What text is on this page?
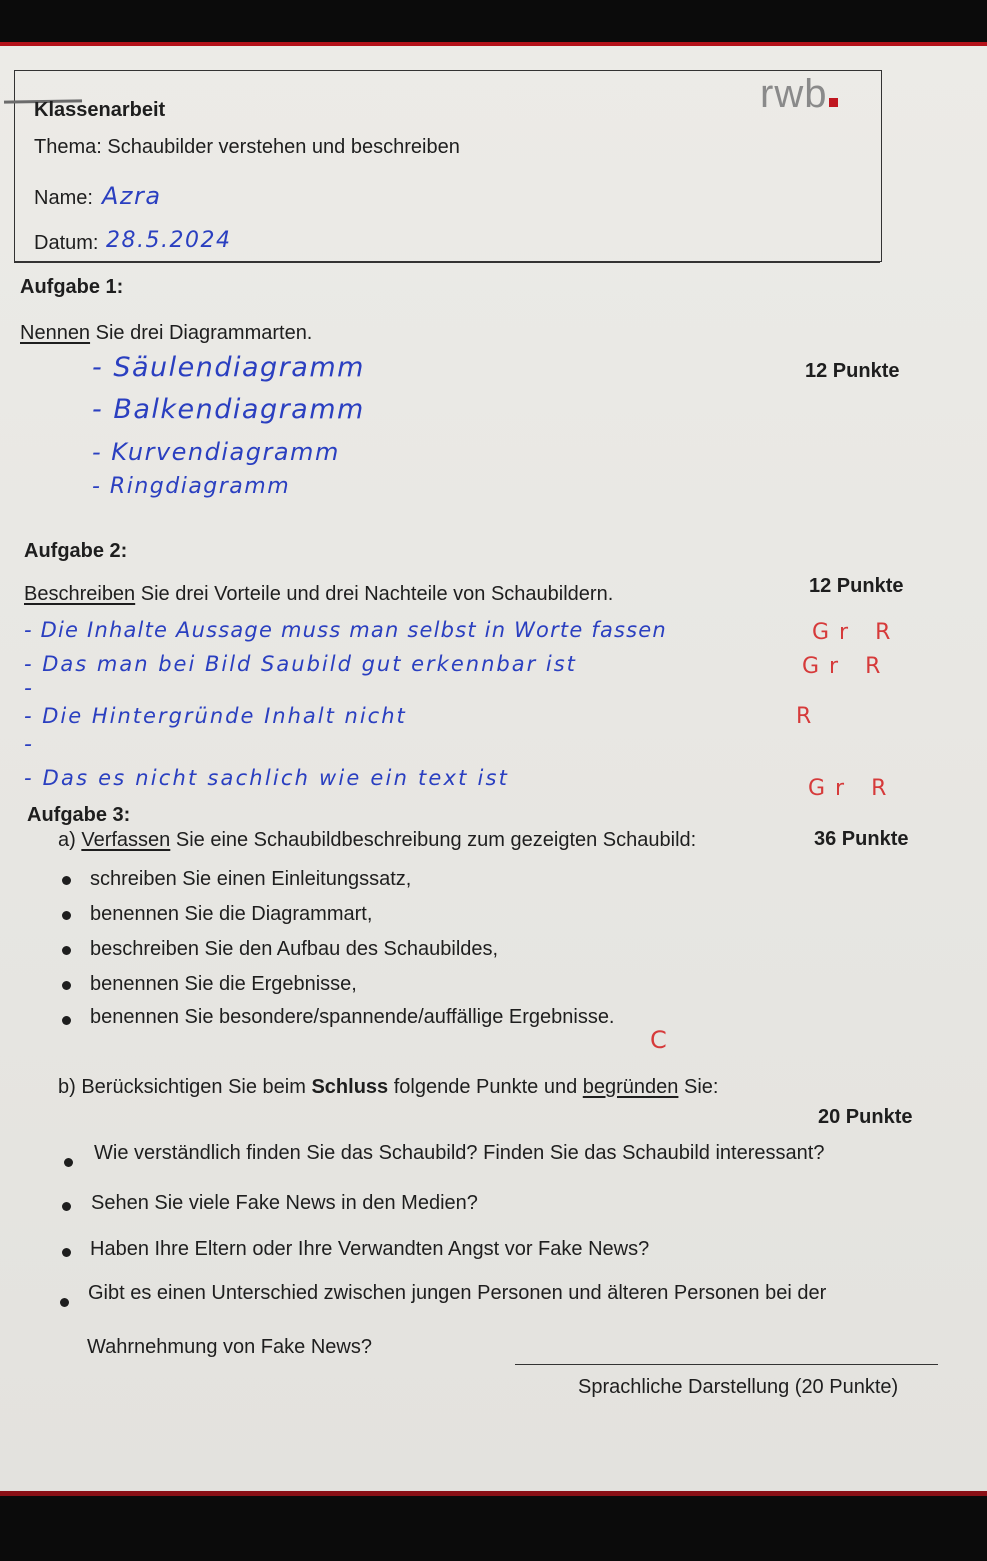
Klassenarbeit	rwb
Thema: Schaubilder verstehen und beschreiben
Name: Azra
Datum: 28.5.2024
Aufgabe 1:
Nennen Sie drei Diagrammarten.
12 Punkte
- Säulendiagramm
- Balkendiagramm
- Kurvendiagramm
- Ringdiagramm
Aufgabe 2:
Beschreiben Sie drei Vorteile und drei Nachteile von Schaubildern.	12 Punkte
- Die Inhalte Aussage muss man selbst in Worte fassen
- Das man bei Bild Saubild gut erkennbar ist
-
- Die Hintergründe Inhalt nicht
-
- Das es nicht sachlich wie ein text ist
Gr R
Gr R
R
Gr R
Aufgabe 3:
a) Verfassen Sie eine Schaubildbeschreibung zum gezeigten Schaubild:	36 Punkte
schreiben Sie einen Einleitungssatz,
benennen Sie die Diagrammart,
beschreiben Sie den Aufbau des Schaubildes,
benennen Sie die Ergebnisse,
benennen Sie besondere/spannende/auffällige Ergebnisse.
C
b) Berücksichtigen Sie beim Schluss folgende Punkte und begründen Sie:
20 Punkte
Wie verständlich finden Sie das Schaubild? Finden Sie das Schaubild interessant?
Sehen Sie viele Fake News in den Medien?
Haben Ihre Eltern oder Ihre Verwandten Angst vor Fake News?
Gibt es einen Unterschied zwischen jungen Personen und älteren Personen bei der
Wahrnehmung von Fake News?
Sprachliche Darstellung (20 Punkte)
